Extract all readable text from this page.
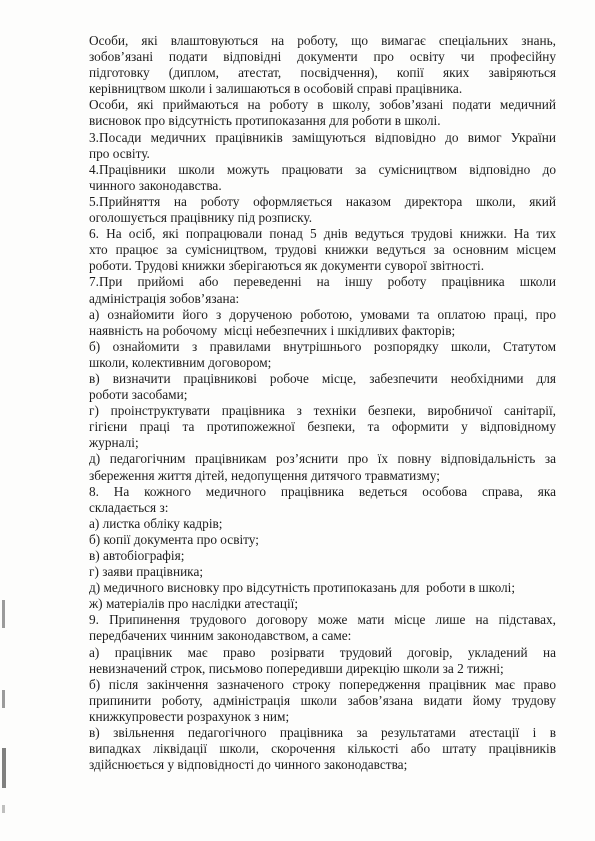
Особи, які влаштовуються на роботу, що вимагає спеціальних знань,
зобов’язані подати відповідні документи про освіту чи професійну
підготовку (диплом, атестат, посвідчення), копії яких завіряються
керівництвом школи і залишаються в особовій справі працівника.
Особи, які приймаються на роботу в школу, зобов’язані подати медичний
висновок про відсутність протипоказання для роботи в школі.
3.Посади медичних працівників заміщуються відповідно до вимог України
про освіту.
4.Працівники школи можуть працювати за сумісництвом відповідно до
чинного законодавства.
5.Прийняття на роботу оформляється наказом директора школи, який
оголошується працівнику під розписку.
6. На осіб, які попрацювали понад 5 днів ведуться трудові книжки. На тих
хто працює за сумісництвом, трудові книжки ведуться за основним місцем
роботи. Трудові книжки зберігаються як документи суворої звітності.
7.При прийомі або переведенні на іншу роботу працівника школи
адміністрація зобов’язана:
а) ознайомити його з дорученою роботою, умовами та оплатою праці, про
наявність на робочому  місці небезпечних і шкідливих факторів;
б) ознайомити з правилами внутрішнього розпорядку школи, Статутом
школи, колективним договором;
в) визначити працівникові робоче місце, забезпечити необхідними для
роботи засобами;
г) проінструктувати працівника з техніки безпеки, виробничої санітарії,
гігієни праці та протипожежної безпеки, та оформити у відповідному
журналі;
д) педагогічним працівникам роз’яснити про їх повну відповідальність за
збереження життя дітей, недопущення дитячого травматизму;
8. На кожного медичного працівника ведеться особова справа, яка
складається з:
а) листка обліку кадрів;
б) копії документа про освіту;
в) автобіографія;
г) заяви працівника;
д) медичного висновку про відсутність протипоказань для  роботи в школі;
ж) матеріалів про наслідки атестації;
9. Припинення трудового договору може мати місце лише на підставах,
передбачених чинним законодавством, а саме:
а) працівник має право розірвати трудовий договір, укладений на
невизначений строк, письмово попередивши дирекцію школи за 2 тижні;
б) після закінчення зазначеного строку попередження працівник має право
припинити роботу, адміністрація школи забов’язана видати йому трудову
книжкупровести розрахунок з ним;
в) звільнення педагогічного працівника за результатами атестації і в
випадках ліквідації школи, скорочення кількості або штату працівників
здійснюється у відповідності до чинного законодавства;
